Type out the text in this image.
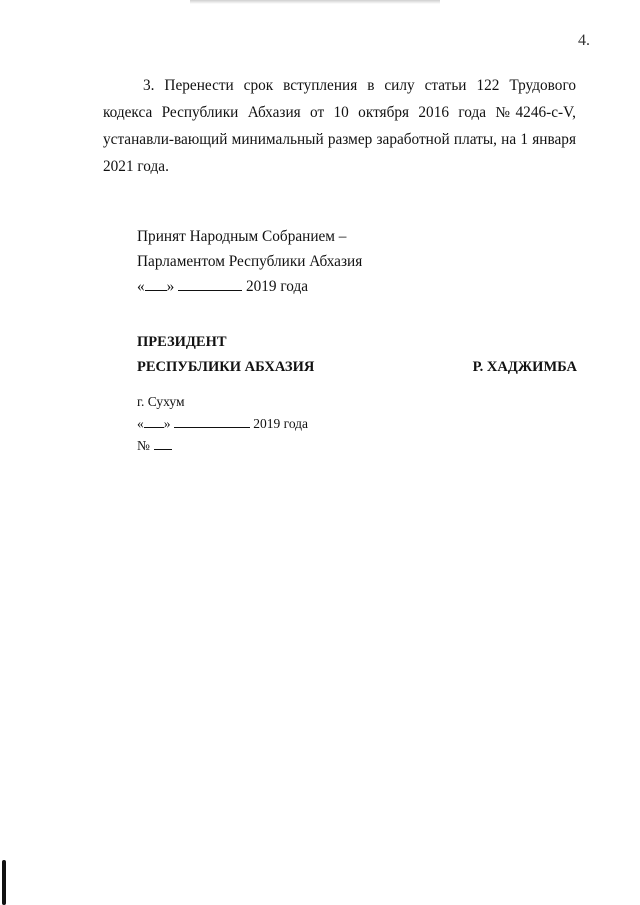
4.

3. Перенести срок вступления в силу статьи 122 Трудового кодекса Республики Абхазия от 10 октября 2016 года №4246-с-V, устанавли-вающий минимальный размер заработной платы, на 1 января 2021 года.

Принят Народным Собранием –
Парламентом Республики Абхазия
« »	2019 года
ПРЕЗИДЕНТ
РЕСПУБЛИКИ АБХАЗИЯ	Р. ХАДЖИМБА
г. Сухум
« »	2019 года
№
